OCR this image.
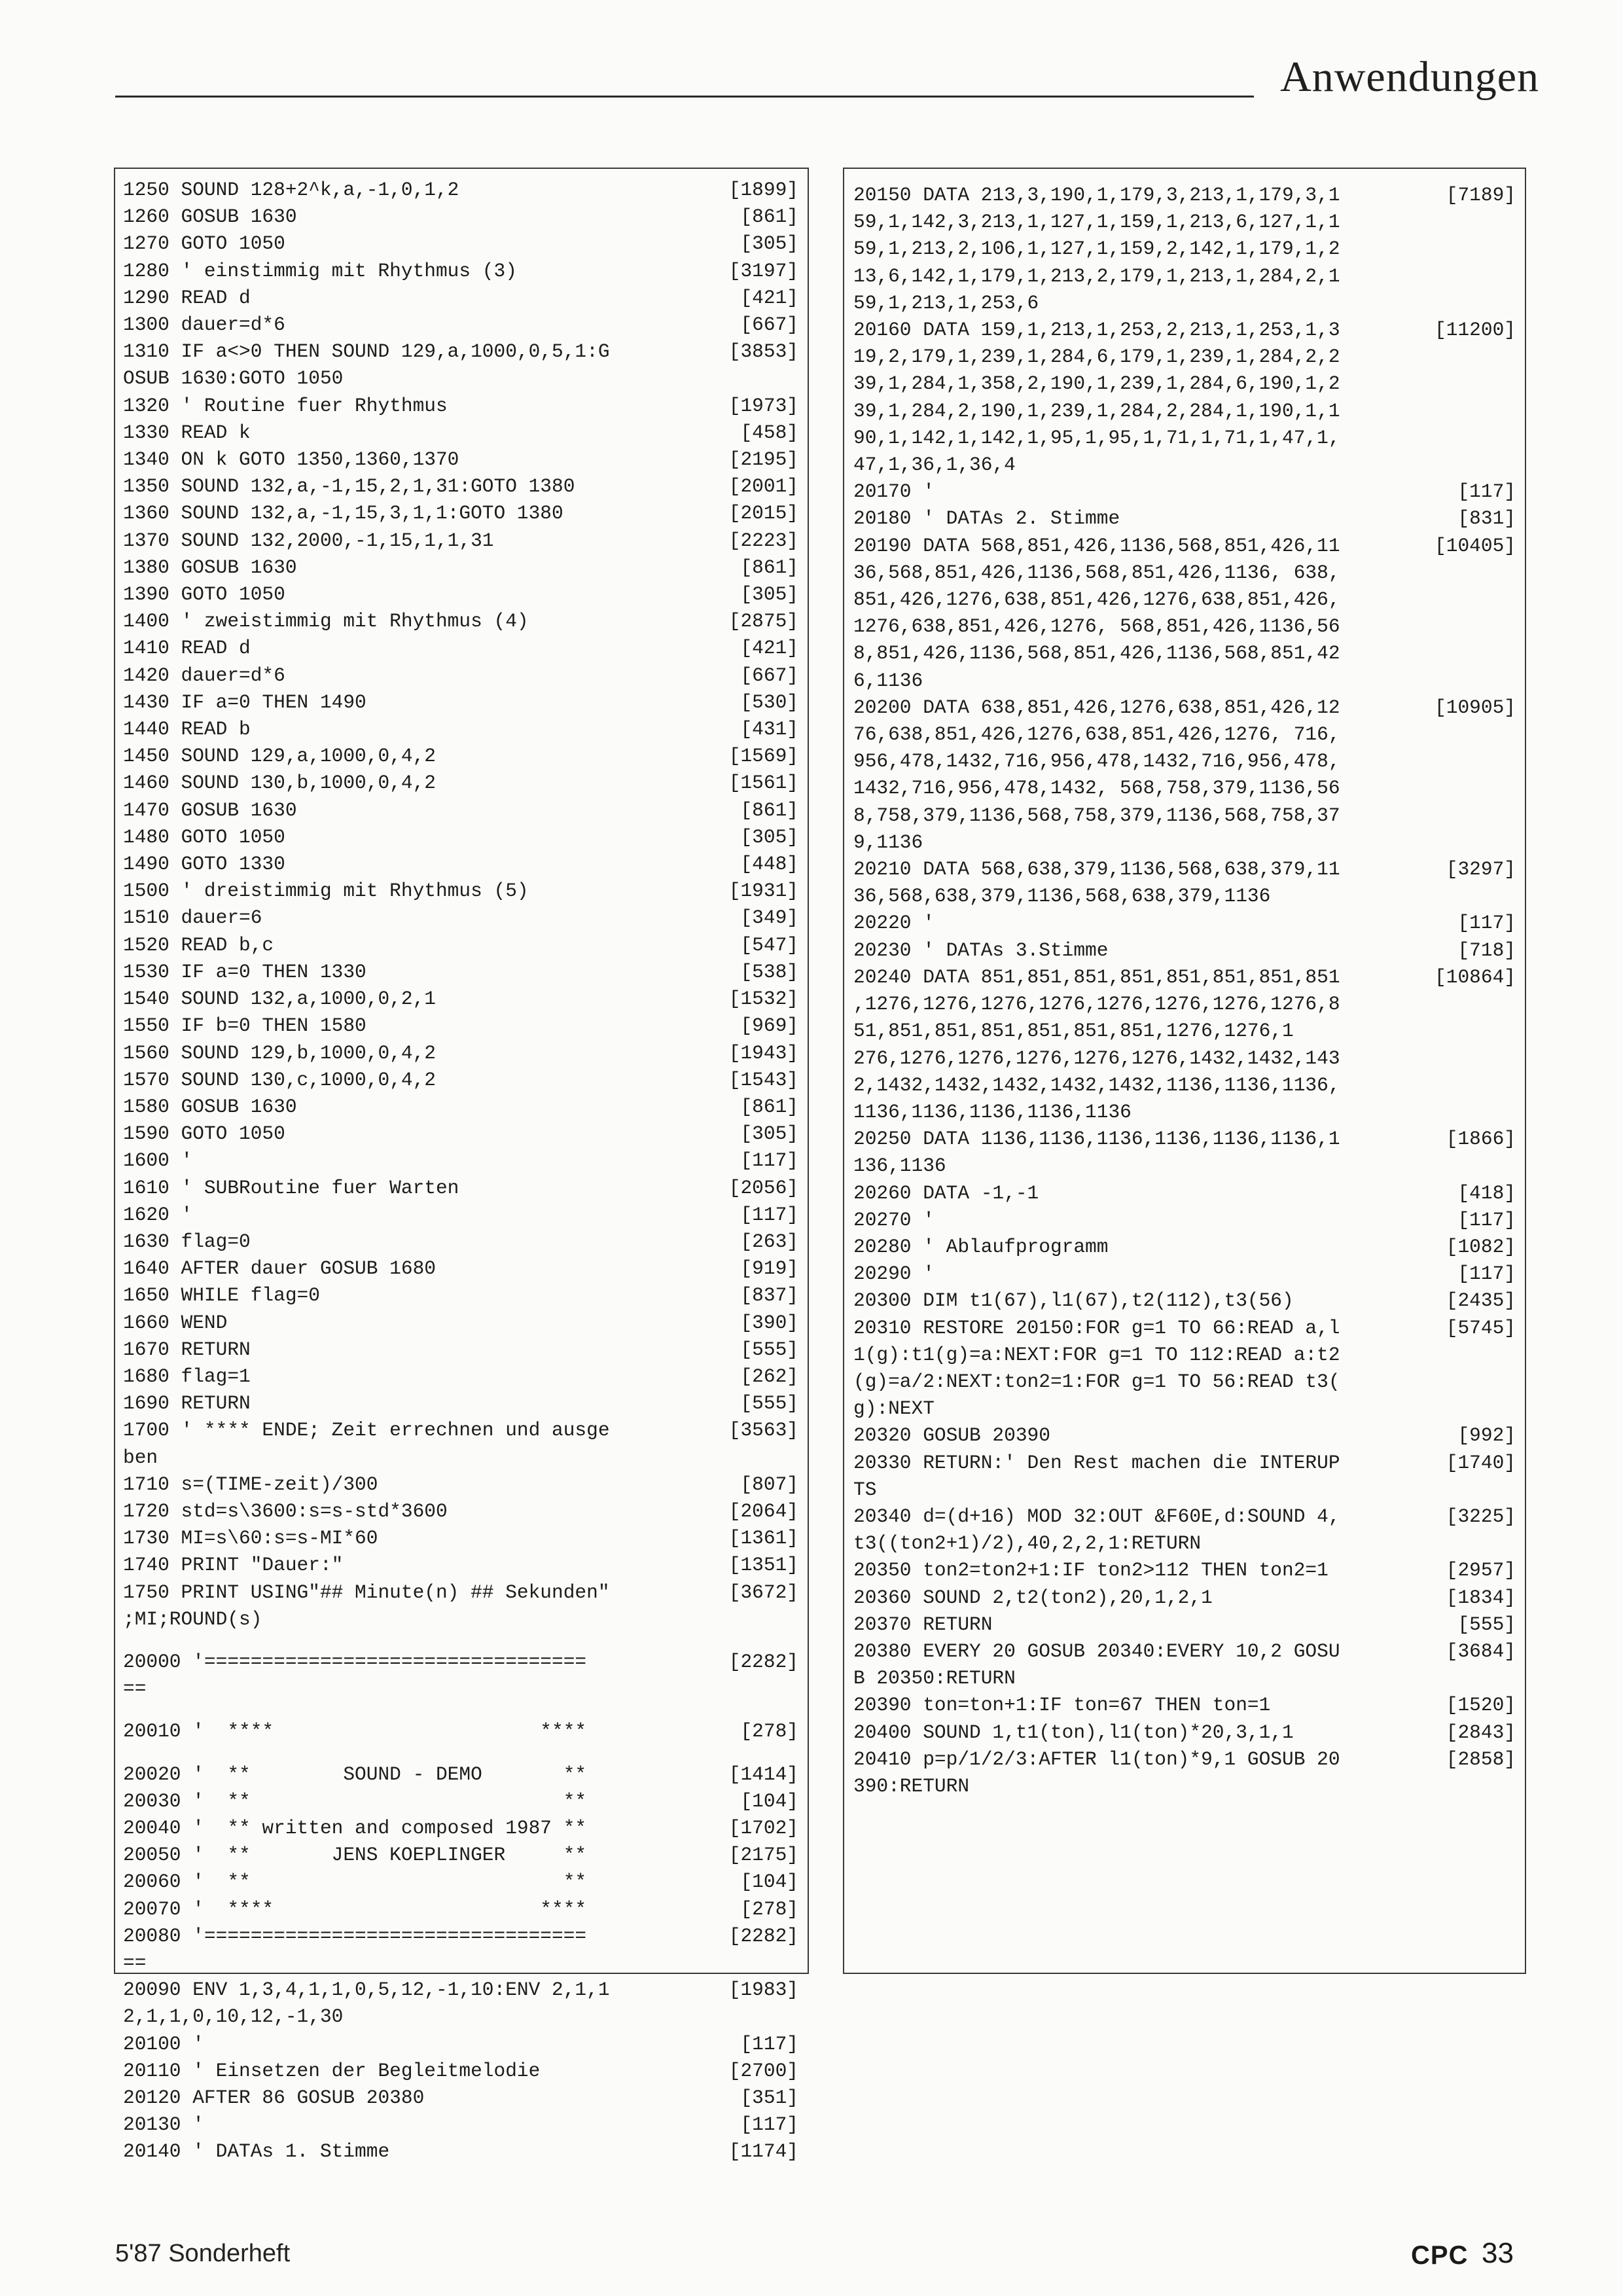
Anwendungen
1250 SOUND 128+2^k,a,-1,0,1,2	[1899]
1260 GOSUB 1630	[861]
1270 GOTO 1050	[305]
1280 ' einstimmig mit Rhythmus (3)	[3197]
1290 READ d	[421]
1300 dauer=d*6	[667]
1310 IF a<>0 THEN SOUND 129,a,1000,0,5,1:G	[3853]
OSUB 1630:GOTO 1050
1320 ' Routine fuer Rhythmus	[1973]
1330 READ k	[458]
1340 ON k GOTO 1350,1360,1370	[2195]
1350 SOUND 132,a,-1,15,2,1,31:GOTO 1380	[2001]
1360 SOUND 132,a,-1,15,3,1,1:GOTO 1380	[2015]
1370 SOUND 132,2000,-1,15,1,1,31	[2223]
1380 GOSUB 1630	[861]
1390 GOTO 1050	[305]
1400 ' zweistimmig mit Rhythmus (4)	[2875]
1410 READ d	[421]
1420 dauer=d*6	[667]
1430 IF a=0 THEN 1490	[530]
1440 READ b	[431]
1450 SOUND 129,a,1000,0,4,2	[1569]
1460 SOUND 130,b,1000,0,4,2	[1561]
1470 GOSUB 1630	[861]
1480 GOTO 1050	[305]
1490 GOTO 1330	[448]
1500 ' dreistimmig mit Rhythmus (5)	[1931]
1510 dauer=6	[349]
1520 READ b,c	[547]
1530 IF a=0 THEN 1330	[538]
1540 SOUND 132,a,1000,0,2,1	[1532]
1550 IF b=0 THEN 1580	[969]
1560 SOUND 129,b,1000,0,4,2	[1943]
1570 SOUND 130,c,1000,0,4,2	[1543]
1580 GOSUB 1630	[861]
1590 GOTO 1050	[305]
1600 '	[117]
1610 ' SUBRoutine fuer Warten	[2056]
1620 '	[117]
1630 flag=0	[263]
1640 AFTER dauer GOSUB 1680	[919]
1650 WHILE flag=0	[837]
1660 WEND	[390]
1670 RETURN	[555]
1680 flag=1	[262]
1690 RETURN	[555]
1700 ' **** ENDE; Zeit errechnen und ausge	[3563]
ben
1710 s=(TIME-zeit)/300	[807]
1720 std=s\3600:s=s-std*3600	[2064]
1730 MI=s\60:s=s-MI*60	[1361]
1740 PRINT "Dauer:"	[1351]
1750 PRINT USING"## Minute(n) ## Sekunden"	[3672]
;MI;ROUND(s)
20000 '=================================	[2282]
==
20010 '  ****                       ****	[278]
20020 '  **        SOUND - DEMO       **	[1414]
20030 '  **                           **	[104]
20040 '  ** written and composed 1987 **	[1702]
20050 '  **       JENS KOEPLINGER     **	[2175]
20060 '  **                           **	[104]
20070 '  ****                       ****	[278]
20080 '=================================	[2282]
==
20090 ENV 1,3,4,1,1,0,5,12,-1,10:ENV 2,1,1	[1983]
2,1,1,0,10,12,-1,30
20100 '	[117]
20110 ' Einsetzen der Begleitmelodie	[2700]
20120 AFTER 86 GOSUB 20380	[351]
20130 '	[117]
20140 ' DATAs 1. Stimme	[1174]
20150 DATA 213,3,190,1,179,3,213,1,179,3,1	[7189]
59,1,142,3,213,1,127,1,159,1,213,6,127,1,1
59,1,213,2,106,1,127,1,159,2,142,1,179,1,2
13,6,142,1,179,1,213,2,179,1,213,1,284,2,1
59,1,213,1,253,6
20160 DATA 159,1,213,1,253,2,213,1,253,1,3	[11200]
19,2,179,1,239,1,284,6,179,1,239,1,284,2,2
39,1,284,1,358,2,190,1,239,1,284,6,190,1,2
39,1,284,2,190,1,239,1,284,2,284,1,190,1,1
90,1,142,1,142,1,95,1,95,1,71,1,71,1,47,1,
47,1,36,1,36,4
20170 '	[117]
20180 ' DATAs 2. Stimme	[831]
20190 DATA 568,851,426,1136,568,851,426,11	[10405]
36,568,851,426,1136,568,851,426,1136, 638,
851,426,1276,638,851,426,1276,638,851,426,
1276,638,851,426,1276, 568,851,426,1136,56
8,851,426,1136,568,851,426,1136,568,851,42
6,1136
20200 DATA 638,851,426,1276,638,851,426,12	[10905]
76,638,851,426,1276,638,851,426,1276, 716,
956,478,1432,716,956,478,1432,716,956,478,
1432,716,956,478,1432, 568,758,379,1136,56
8,758,379,1136,568,758,379,1136,568,758,37
9,1136
20210 DATA 568,638,379,1136,568,638,379,11	[3297]
36,568,638,379,1136,568,638,379,1136
20220 '	[117]
20230 ' DATAs 3.Stimme	[718]
20240 DATA 851,851,851,851,851,851,851,851	[10864]
,1276,1276,1276,1276,1276,1276,1276,1276,8
51,851,851,851,851,851,851,1276,1276,1
276,1276,1276,1276,1276,1276,1432,1432,143
2,1432,1432,1432,1432,1432,1136,1136,1136,
1136,1136,1136,1136,1136
20250 DATA 1136,1136,1136,1136,1136,1136,1	[1866]
136,1136
20260 DATA -1,-1	[418]
20270 '	[117]
20280 ' Ablaufprogramm	[1082]
20290 '	[117]
20300 DIM t1(67),l1(67),t2(112),t3(56)	[2435]
20310 RESTORE 20150:FOR g=1 TO 66:READ a,l	[5745]
1(g):t1(g)=a:NEXT:FOR g=1 TO 112:READ a:t2
(g)=a/2:NEXT:ton2=1:FOR g=1 TO 56:READ t3(
g):NEXT
20320 GOSUB 20390	[992]
20330 RETURN:' Den Rest machen die INTERUP	[1740]
TS
20340 d=(d+16) MOD 32:OUT &F60E,d:SOUND 4,	[3225]
t3((ton2+1)/2),40,2,2,1:RETURN
20350 ton2=ton2+1:IF ton2>112 THEN ton2=1	[2957]
20360 SOUND 2,t2(ton2),20,1,2,1	[1834]
20370 RETURN	[555]
20380 EVERY 20 GOSUB 20340:EVERY 10,2 GOSU	[3684]
B 20350:RETURN
20390 ton=ton+1:IF ton=67 THEN ton=1	[1520]
20400 SOUND 1,t1(ton),l1(ton)*20,3,1,1	[2843]
20410 p=p/1/2/3:AFTER l1(ton)*9,1 GOSUB 20	[2858]
390:RETURN
5'87 Sonderheft	CPC 33
